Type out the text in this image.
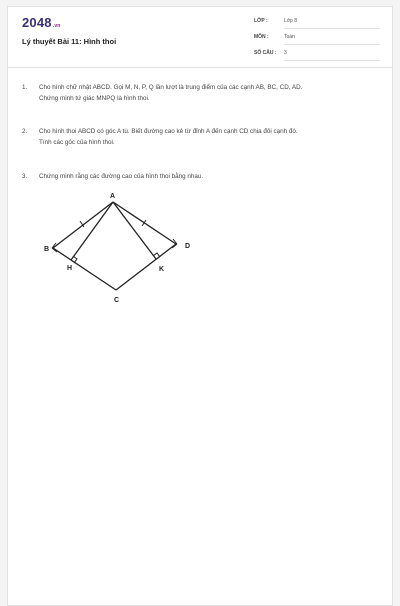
2048.vn
Lý thuyết Bài 11: Hình thoi
LỚP :	Lớp 8
MÔN :	Toán
SỐ CÂU : 3
1. Cho hình chữ nhật ABCD. Gọi M, N, P, Q lần lượt là trung điểm của các cạnh AB, BC, CD, AD.
Chứng minh tứ giác MNPQ là hình thoi.
2. Cho hình thoi ABCD có góc A tù. Biết đường cao kẻ từ đỉnh A đến cạnh CD chia đôi cạnh đó.
Tính các góc của hình thoi.
3. Chứng minh rằng các đường cao của hình thoi bằng nhau.
A
B
C
D
H	K
